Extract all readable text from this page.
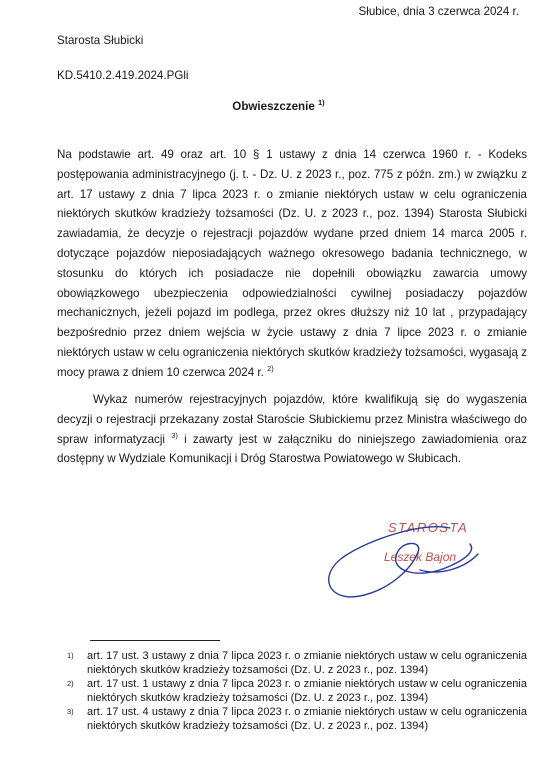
Słubice, dnia 3 czerwca 2024 r.
Starosta Słubicki
KD.5410.2.419.2024.PGli
Obwieszczenie $^{1)}$
Na podstawie art. 49 oraz art. 10 § 1 ustawy z dnia 14 czerwca 1960 r. - Kodeks postępowania administracyjnego (j. t. - Dz. U. z 2023 r., poz. 775 z późn. zm.) w związku z art. 17 ustawy z dnia 7 lipca 2023 r. o zmianie niektórych ustaw w celu ograniczenia niektórych skutków kradzieży tożsamości (Dz. U. z 2023 r., poz. 1394) Starosta Słubicki zawiadamia, że decyzje o rejestracji pojazdów wydane przed dniem 14 marca 2005 r. dotyczące pojazdów nieposiadających ważnego okresowego badania technicznego, w stosunku do których ich posiadacze nie dopełnili obowiązku zawarcia umowy obowiązkowego ubezpieczenia odpowiedzialności cywilnej posiadaczy pojazdów mechanicznych, jeżeli pojazd im podlega, przez okres dłuższy niż 10 lat , przypadający bezpośrednio przez dniem wejścia w życie ustawy z dnia 7 lipce 2023 r. o zmianie niektórych ustaw w celu ograniczenia niektórych skutków kradzieży tożsamości, wygasają z mocy prawa z dniem 10 czerwca 2024 r. $^{2)}$
Wykaz numerów rejestracyjnych pojazdów, które kwalifikują się do wygaszenia decyzji o rejestracji przekazany został Staroście Słubickiemu przez Ministra właściwego do spraw informatyzacji $^{3)}$ i zawarty jest w załączniku do niniejszego zawiadomienia oraz dostępny w Wydziale Komunikacji i Dróg Starostwa Powiatowego w Słubicach.
STAROSTA
Leszek Bajon
1) art. 17 ust. 3 ustawy z dnia 7 lipca 2023 r. o zmianie niektórych ustaw w celu ograniczenia niektórych skutków kradzieży tożsamości (Dz. U. z 2023 r., poz. 1394)
2) art. 17 ust. 1 ustawy z dnia 7 lipca 2023 r. o zmianie niektórych ustaw w celu ograniczenia niektórych skutków kradzieży tożsamości (Dz. U. z 2023 r., poz. 1394)
3) art. 17 ust. 4 ustawy z dnia 7 lipca 2023 r. o zmianie niektórych ustaw w celu ograniczenia niektórych skutków kradzieży tożsamości (Dz. U. z 2023 r., poz. 1394)
